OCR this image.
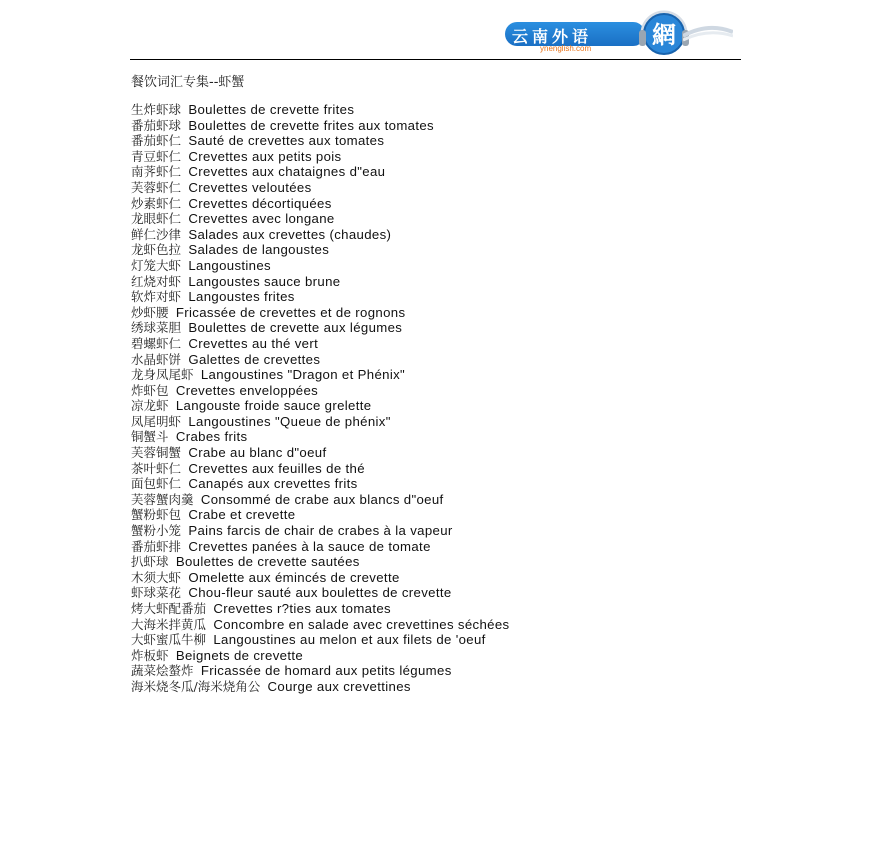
云南外语
ynenglish.com	網
餐饮词汇专集--虾蟹
生炸虾球 Boulettes de crevette frites
番茄虾球 Boulettes de crevette frites aux tomates
番茄虾仁 Sauté de crevettes aux tomates
青豆虾仁 Crevettes aux petits pois
南荠虾仁 Crevettes aux chataignes d"eau
芙蓉虾仁 Crevettes veloutées
炒素虾仁 Crevettes décortiquées
龙眼虾仁 Crevettes avec longane
鲜仁沙律 Salades aux crevettes (chaudes)
龙虾色拉 Salades de langoustes
灯笼大虾 Langoustines
红烧对虾 Langoustes sauce brune
软炸对虾 Langoustes frites
炒虾腰 Fricassée de crevettes et de rognons
绣球菜胆 Boulettes de crevette aux légumes
碧螺虾仁 Crevettes au thé vert
水晶虾饼 Galettes de crevettes
龙身凤尾虾 Langoustines "Dragon et Phénix"
炸虾包 Crevettes enveloppées
凉龙虾 Langouste froide sauce grelette
凤尾明虾 Langoustines "Queue de phénix"
铜蟹斗 Crabes frits
芙蓉铜蟹 Crabe au blanc d"oeuf
茶叶虾仁 Crevettes aux feuilles de thé
面包虾仁 Canapés aux crevettes frits
芙蓉蟹肉羹 Consommé de crabe aux blancs d"oeuf
蟹粉虾包 Crabe et crevette
蟹粉小笼 Pains farcis de chair de crabes à la vapeur
番茄虾排 Crevettes panées à la sauce de tomate
扒虾球 Boulettes de crevette sautées
木须大虾 Omelette aux émincés de crevette
虾球菜花 Chou-fleur sauté aux boulettes de crevette
烤大虾配番茄 Crevettes r?ties aux tomates
大海米拌黄瓜 Concombre en salade avec crevettines séchées
大虾蜜瓜牛柳 Langoustines au melon et aux filets de 'oeuf
炸板虾 Beignets de crevette
蔬菜烩螯炸 Fricassée de homard aux petits légumes
海米烧冬瓜/海米烧角公 Courge aux crevettines
